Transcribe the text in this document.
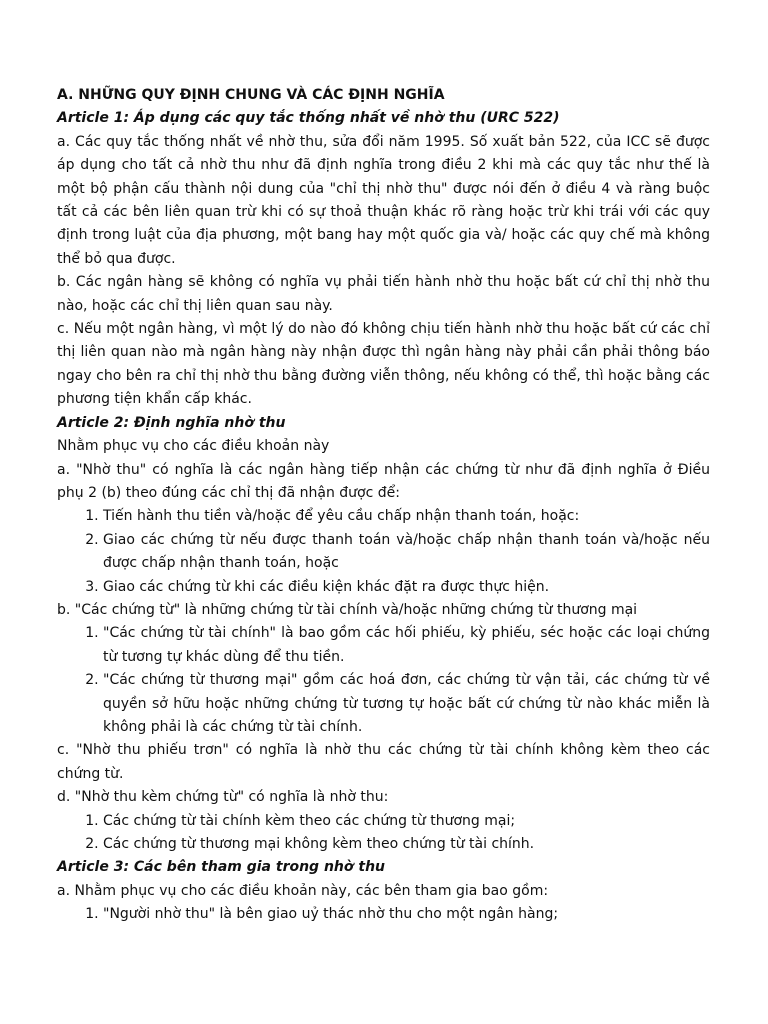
A. NHỮNG QUY ĐỊNH CHUNG VÀ CÁC ĐỊNH NGHĨA

Article 1: Áp dụng các quy tắc thống nhất về nhờ thu (URC 522)

a. Các quy tắc thống nhất về nhờ thu, sửa đổi năm 1995. Số xuất bản 522, của ICC sẽ được áp dụng cho tất cả nhờ thu như đã định nghĩa trong điều 2 khi mà các quy tắc như thế là một bộ phận cấu thành nội dung của "chỉ thị nhờ thu" được nói đến ở điều 4 và ràng buộc tất cả các bên liên quan trừ khi có sự thoả thuận khác rõ ràng hoặc trừ khi trái với các quy định trong luật của địa phương, một bang hay một quốc gia và/ hoặc các quy chế mà không thể bỏ qua được.

b. Các ngân hàng sẽ không có nghĩa vụ phải tiến hành nhờ thu hoặc bất cứ chỉ thị nhờ thu nào, hoặc các chỉ thị liên quan sau này.

c. Nếu một ngân hàng, vì một lý do nào đó không chịu tiến hành nhờ thu hoặc bất cứ các chỉ thị liên quan nào mà ngân hàng này nhận được thì ngân hàng này phải cần phải thông báo ngay cho bên ra chỉ thị nhờ thu bằng đường viễn thông, nếu không có thể, thì hoặc bằng các phương tiện khẩn cấp khác.

Article 2: Định nghĩa nhờ thu

Nhằm phục vụ cho các điều khoản này

a. "Nhờ thu" có nghĩa là các ngân hàng tiếp nhận các chứng từ như đã định nghĩa ở Điều phụ 2 (b) theo đúng các chỉ thị đã nhận được để:

1. Tiến hành thu tiền và/hoặc để yêu cầu chấp nhận thanh toán, hoặc:
2. Giao các chứng từ nếu được thanh toán và/hoặc chấp nhận thanh toán và/hoặc nếu được chấp nhận thanh toán, hoặc
3. Giao các chứng từ khi các điều kiện khác đặt ra được thực hiện.

b. "Các chứng từ" là những chứng từ tài chính và/hoặc những chứng từ thương mại

1. "Các chứng từ tài chính" là bao gồm các hối phiếu, kỳ phiếu, séc hoặc các loại chứng từ tương tự khác dùng để thu tiền.
2. "Các chứng từ thương mại" gồm các hoá đơn, các chứng từ vận tải, các chứng từ về quyền sở hữu hoặc những chứng từ tương tự hoặc bất cứ chứng từ nào khác miễn là không phải là các chứng từ tài chính.

c. "Nhờ thu phiếu trơn" có nghĩa là nhờ thu các chứng từ tài chính không kèm theo các chứng từ.

d. "Nhờ thu kèm chứng từ" có nghĩa là nhờ thu:

1. Các chứng từ tài chính kèm theo các chứng từ thương mại;
2. Các chứng từ thương mại không kèm theo chứng từ tài chính.

Article 3: Các bên tham gia trong nhờ thu

a. Nhằm phục vụ cho các điều khoản này, các bên tham gia bao gồm:

1. "Người nhờ thu" là bên giao uỷ thác nhờ thu cho một ngân hàng;
